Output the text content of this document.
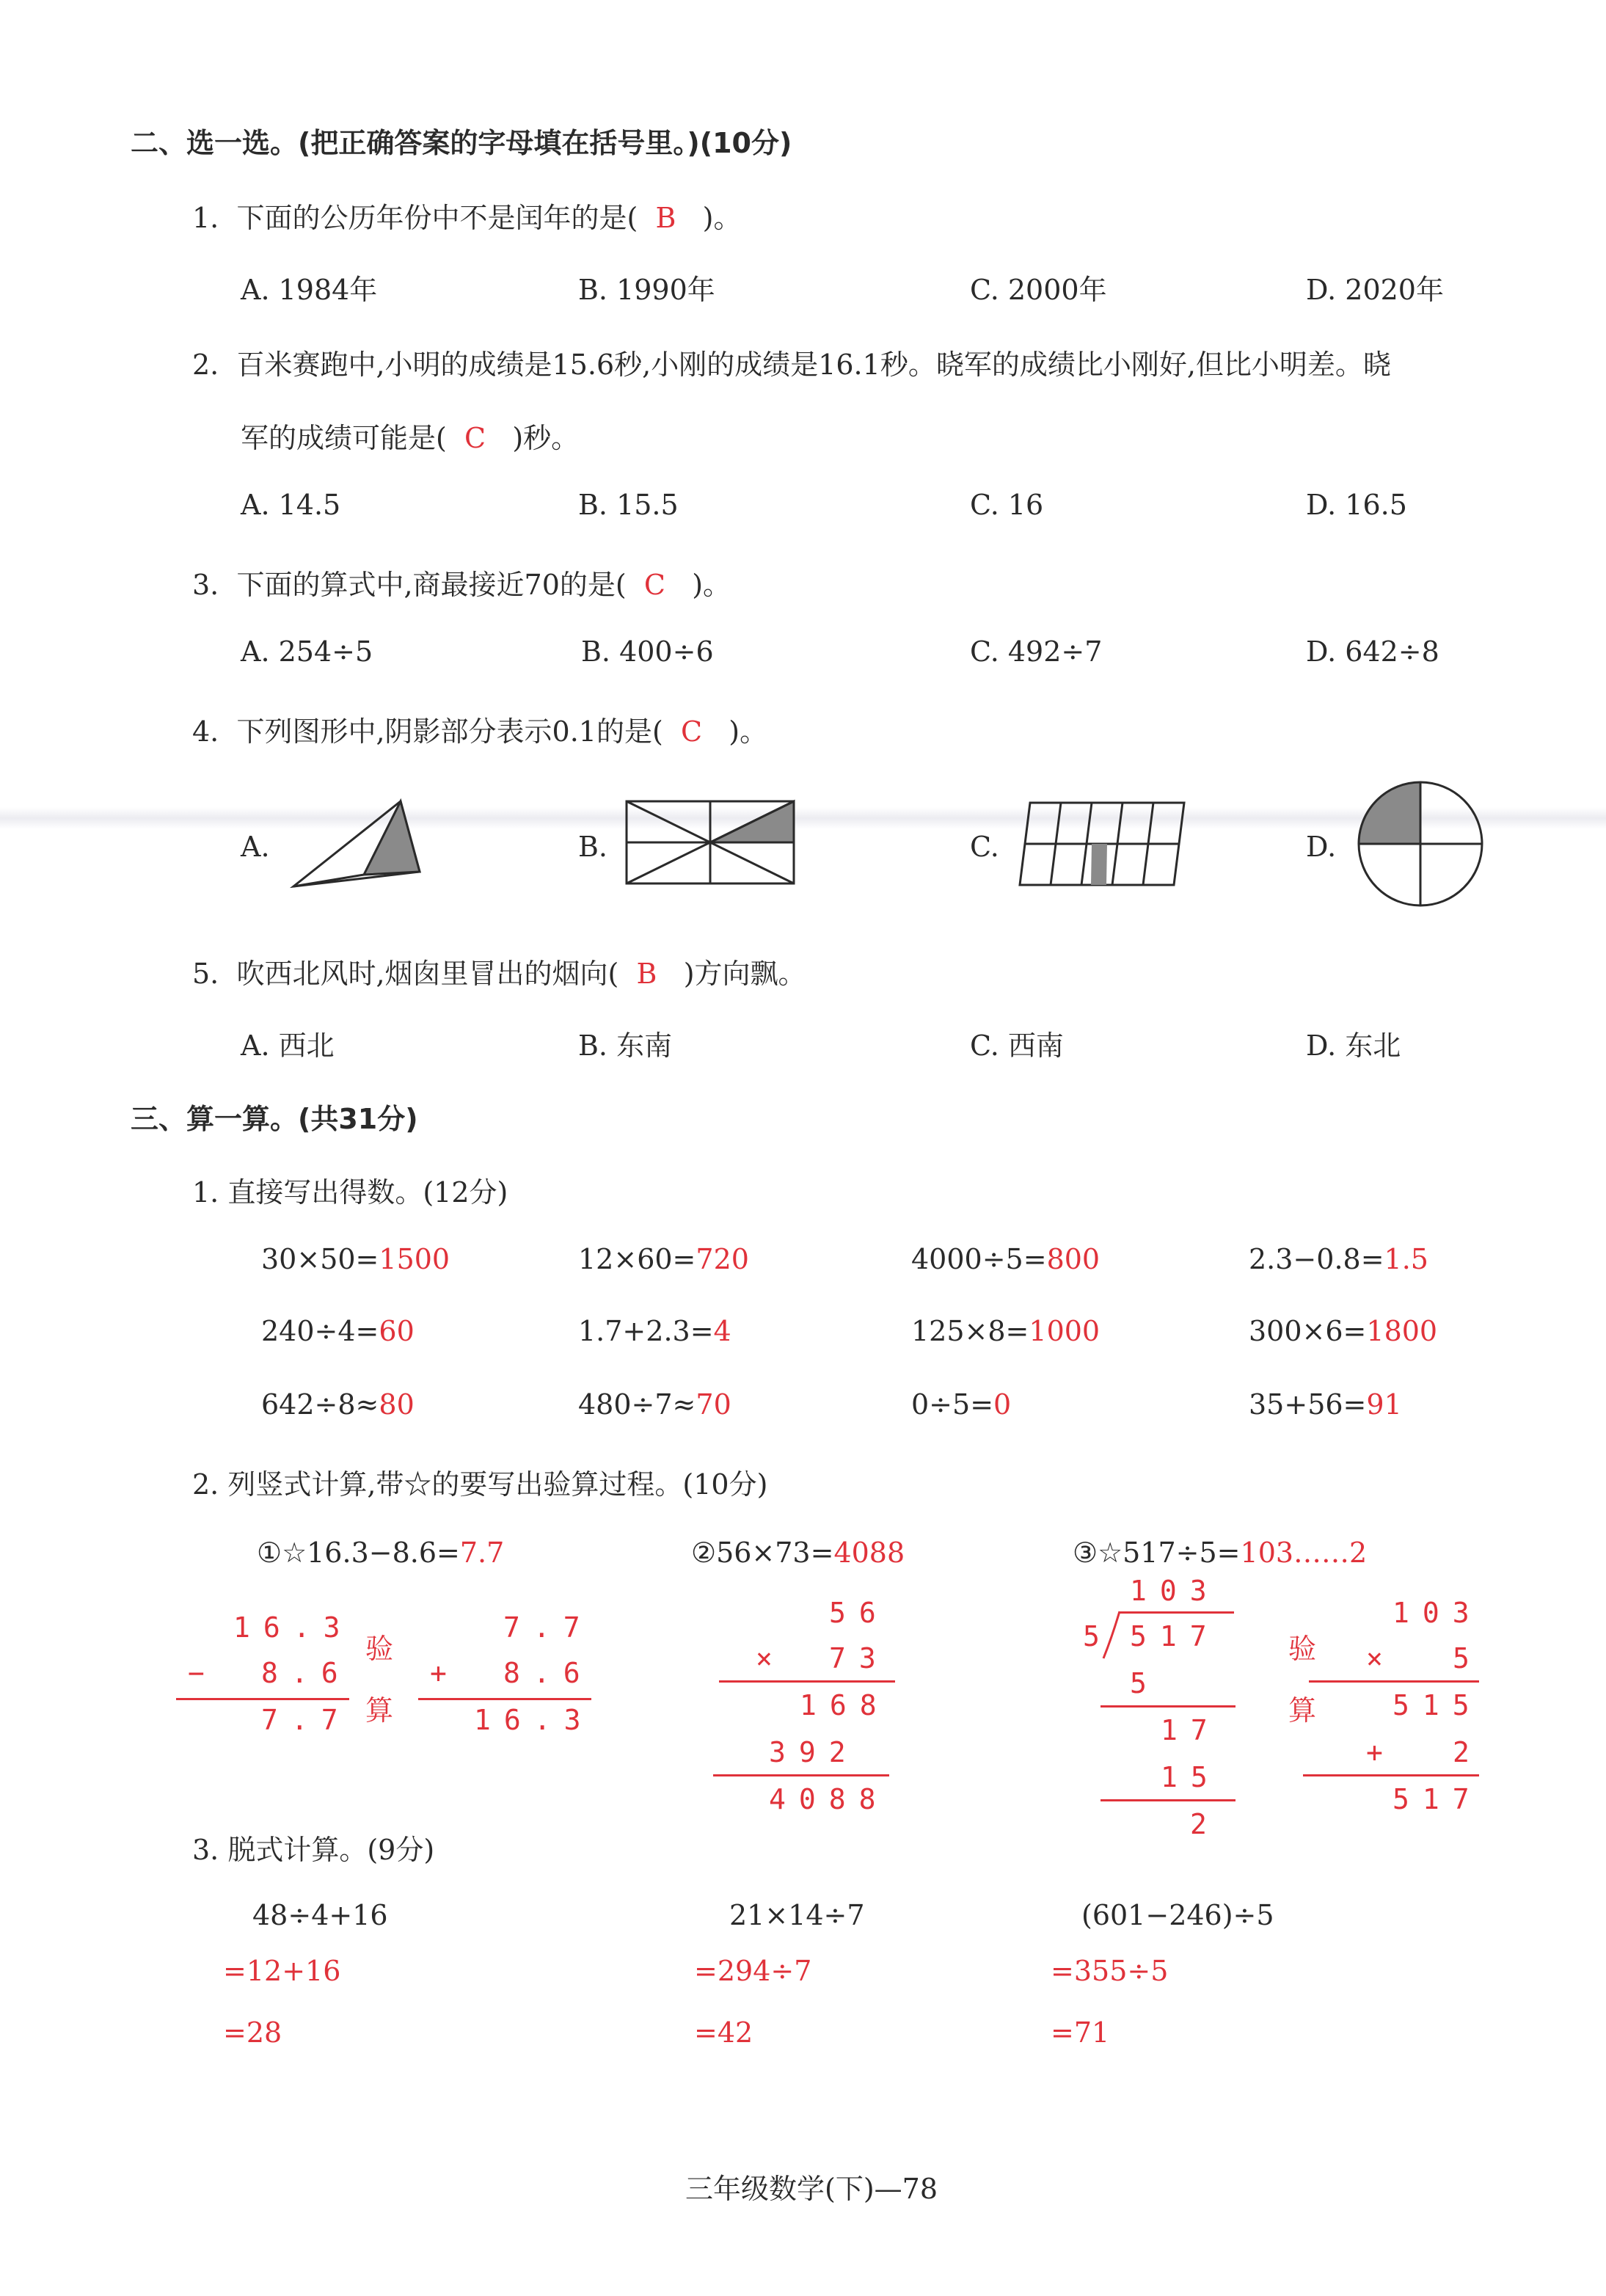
二、选一选。(把正确答案的字母填在括号里。)(10分)
1. 下面的公历年份中不是闰年的是( B )。
A. 1984年	B. 1990年	C. 2000年	D. 2020年
2. 百米赛跑中,小明的成绩是15.6秒,小刚的成绩是16.1秒。晓军的成绩比小刚好,但比小明差。晓
军的成绩可能是( C )秒。
A. 14.5	B. 15.5	C. 16	D. 16.5
3. 下面的算式中,商最接近70的是( C )。
A. 254÷5	B. 400÷6	C. 492÷7	D. 642÷8
4. 下列图形中,阴影部分表示0.1的是( C )。
A.	B.	C.	D.
5. 吹西北风时,烟囱里冒出的烟向( B )方向飘。
A. 西北	B. 东南	C. 西南	D. 东北
三、算一算。(共31分)
1. 直接写出得数。(12分)
30×50=1500	12×60=720	4000÷5=800	2.3−0.8=1.5
240÷4=60	1.7+2.3=4	125×8=1000	300×6=1800
642÷8≈80	480÷7≈70	0÷5=0	35+56=91
2. 列竖式计算,带☆的要写出验算过程。(10分)
①☆16.3−8.6=7.7	②56×73=4088	③☆517÷5=103……2
16.3
− 8.6
7.7
验
算
7.7
+ 8.6
16.3
56
× 73
168
392
4088
103
5 517
5
17
15
2
验
算
103
× 5
515
+ 2
517
3. 脱式计算。(9分)
48÷4+16
=12+16
=28
21×14÷7
=294÷7
=42
(601−246)÷5
=355÷5
=71
三年级数学(下)—78
